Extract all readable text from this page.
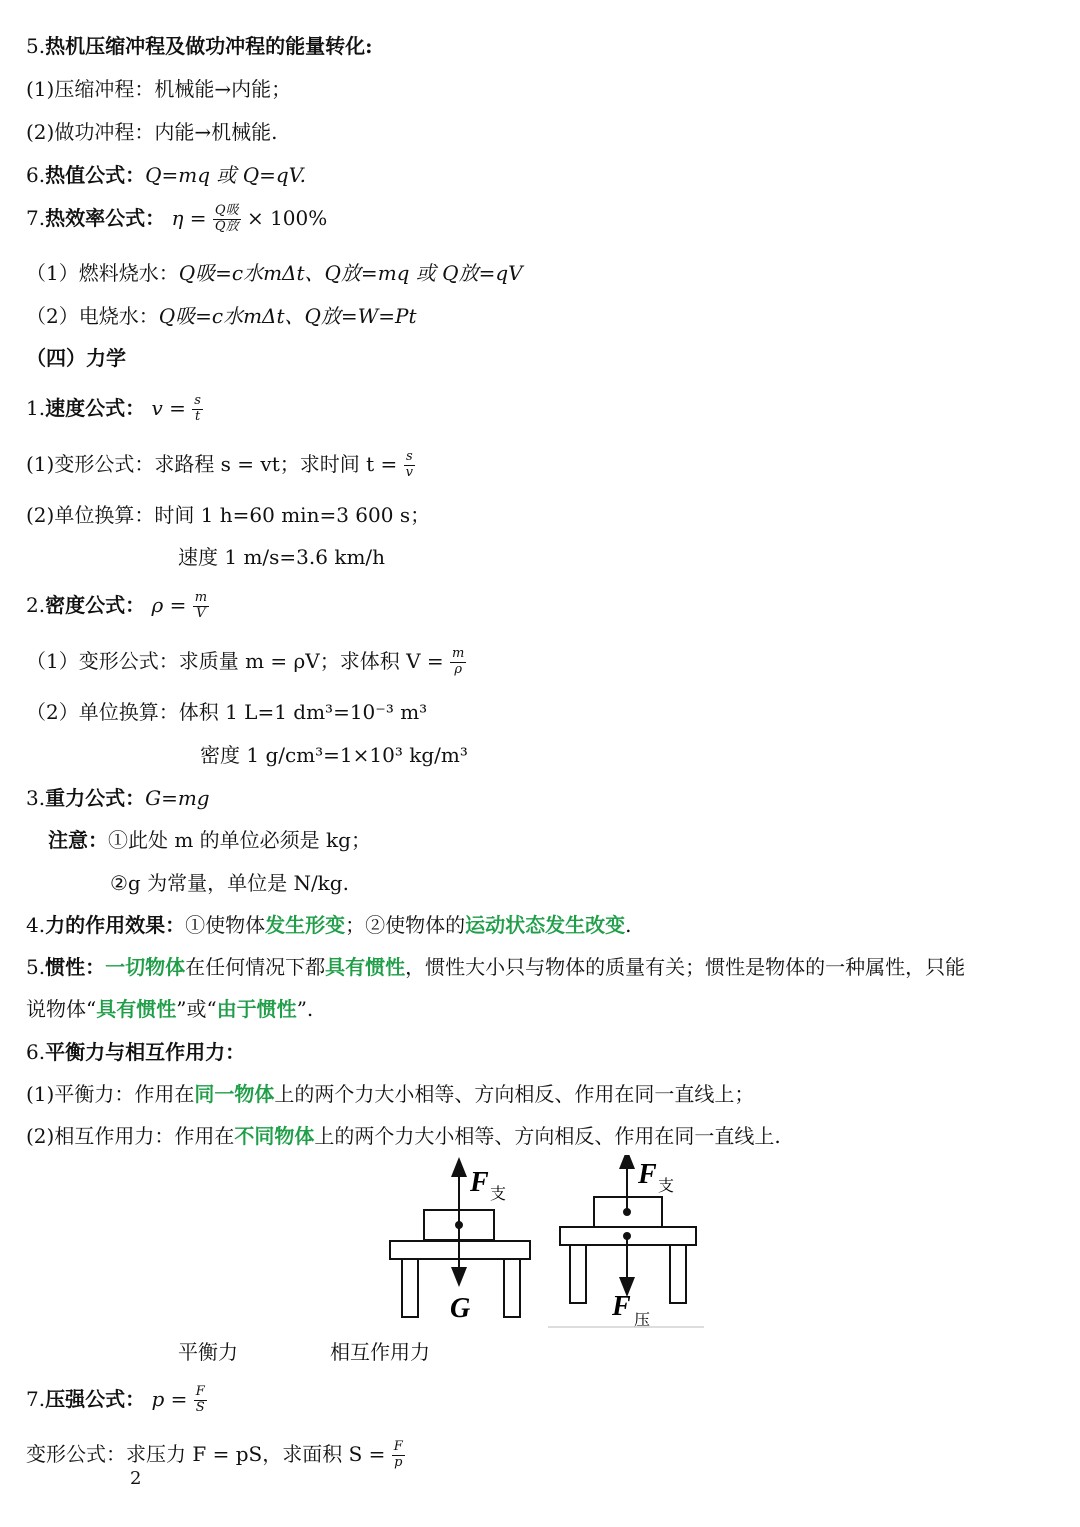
5.热机压缩冲程及做功冲程的能量转化:
(1)压缩冲程：机械能→内能；
(2)做功冲程：内能→机械能.
6.热值公式：Q=mq 或 Q=qV.
7.热效率公式： $\eta = \frac{\text{Q吸}}{\text{Q放}} \times 100\%$
（1）燃料烧水：Q吸=c水mΔt、Q放=mq 或 Q放=qV
（2）电烧水：Q吸=c水mΔt、Q放=W=Pt
（四）力学
1.速度公式： $v = \frac{s}{t}$
(1)变形公式：求路程 s = vt；求时间 $t = \frac{s}{v}$
(2)单位换算：时间 1 h=60 min=3 600 s；
速度 1 m/s=3.6 km/h
2.密度公式： $\rho = \frac{m}{V}$
（1）变形公式：求质量 m = ρV；求体积 $V = \frac{m}{\rho}$
（2）单位换算：体积 1 L=1 dm³=10⁻³ m³
密度 1 g/cm³=1×10³ kg/m³
3.重力公式：G=mg
注意：①此处 m 的单位必须是 kg；
②g 为常量，单位是 N/kg.
4.力的作用效果：①使物体发生形变；②使物体的运动状态发生改变.
5.惯性：一切物体在任何情况下都具有惯性，惯性大小只与物体的质量有关；惯性是物体的一种属性，只能
说物体“具有惯性”或“由于惯性”.
6.平衡力与相互作用力：
(1)平衡力：作用在同一物体上的两个力大小相等、方向相反、作用在同一直线上；
(2)相互作用力：作用在不同物体上的两个力大小相等、方向相反、作用在同一直线上.
F 支
G
F 支
F 压
平衡力	相互作用力
7.压强公式： $p = \frac{F}{S}$
变形公式：求压力 F = pS，求面积 $S = \frac{F}{p}$
2
